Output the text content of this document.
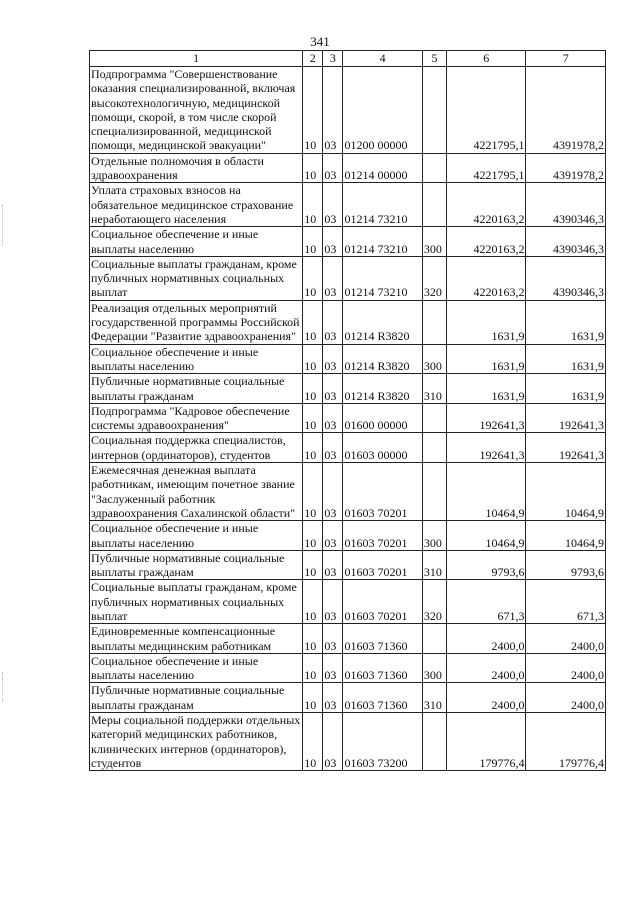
341
1	2	3	4	5	6	7
Подпрограмма "Совершенствование оказания специализированной, включая высокотехнологичную, медицинской помощи, скорой, в том числе скорой специализированной, медицинской помощи, медицинской эвакуации"	10	03	01200 00000		4221795,1	4391978,2
Отдельные полномочия в области здравоохранения	10	03	01214 00000		4221795,1	4391978,2
Уплата страховых взносов на обязательное медицинское страхование неработающего населения	10	03	01214 73210		4220163,2	4390346,3
Социальное обеспечение и иные выплаты населению	10	03	01214 73210	300	4220163,2	4390346,3
Социальные выплаты гражданам, кроме публичных нормативных социальных выплат	10	03	01214 73210	320	4220163,2	4390346,3
Реализация отдельных мероприятий государственной программы Российской Федерации "Развитие здравоохранения"	10	03	01214 R3820		1631,9	1631,9
Социальное обеспечение и иные выплаты населению	10	03	01214 R3820	300	1631,9	1631,9
Публичные нормативные социальные выплаты гражданам	10	03	01214 R3820	310	1631,9	1631,9
Подпрограмма "Кадровое обеспечение системы здравоохранения"	10	03	01600 00000		192641,3	192641,3
Социальная поддержка специалистов, интернов (ординаторов), студентов	10	03	01603 00000		192641,3	192641,3
Ежемесячная денежная выплата работникам, имеющим почетное звание "Заслуженный работник здравоохранения Сахалинской области"	10	03	01603 70201		10464,9	10464,9
Социальное обеспечение и иные выплаты населению	10	03	01603 70201	300	10464,9	10464,9
Публичные нормативные социальные выплаты гражданам	10	03	01603 70201	310	9793,6	9793,6
Социальные выплаты гражданам, кроме публичных нормативных социальных выплат	10	03	01603 70201	320	671,3	671,3
Единовременные компенсационные выплаты медицинским работникам	10	03	01603 71360		2400,0	2400,0
Социальное обеспечение и иные выплаты населению	10	03	01603 71360	300	2400,0	2400,0
Публичные нормативные социальные выплаты гражданам	10	03	01603 71360	310	2400,0	2400,0
Меры социальной поддержки отдельных категорий медицинских работников, клинических интернов (ординаторов), студентов	10	03	01603 73200		179776,4	179776,4
